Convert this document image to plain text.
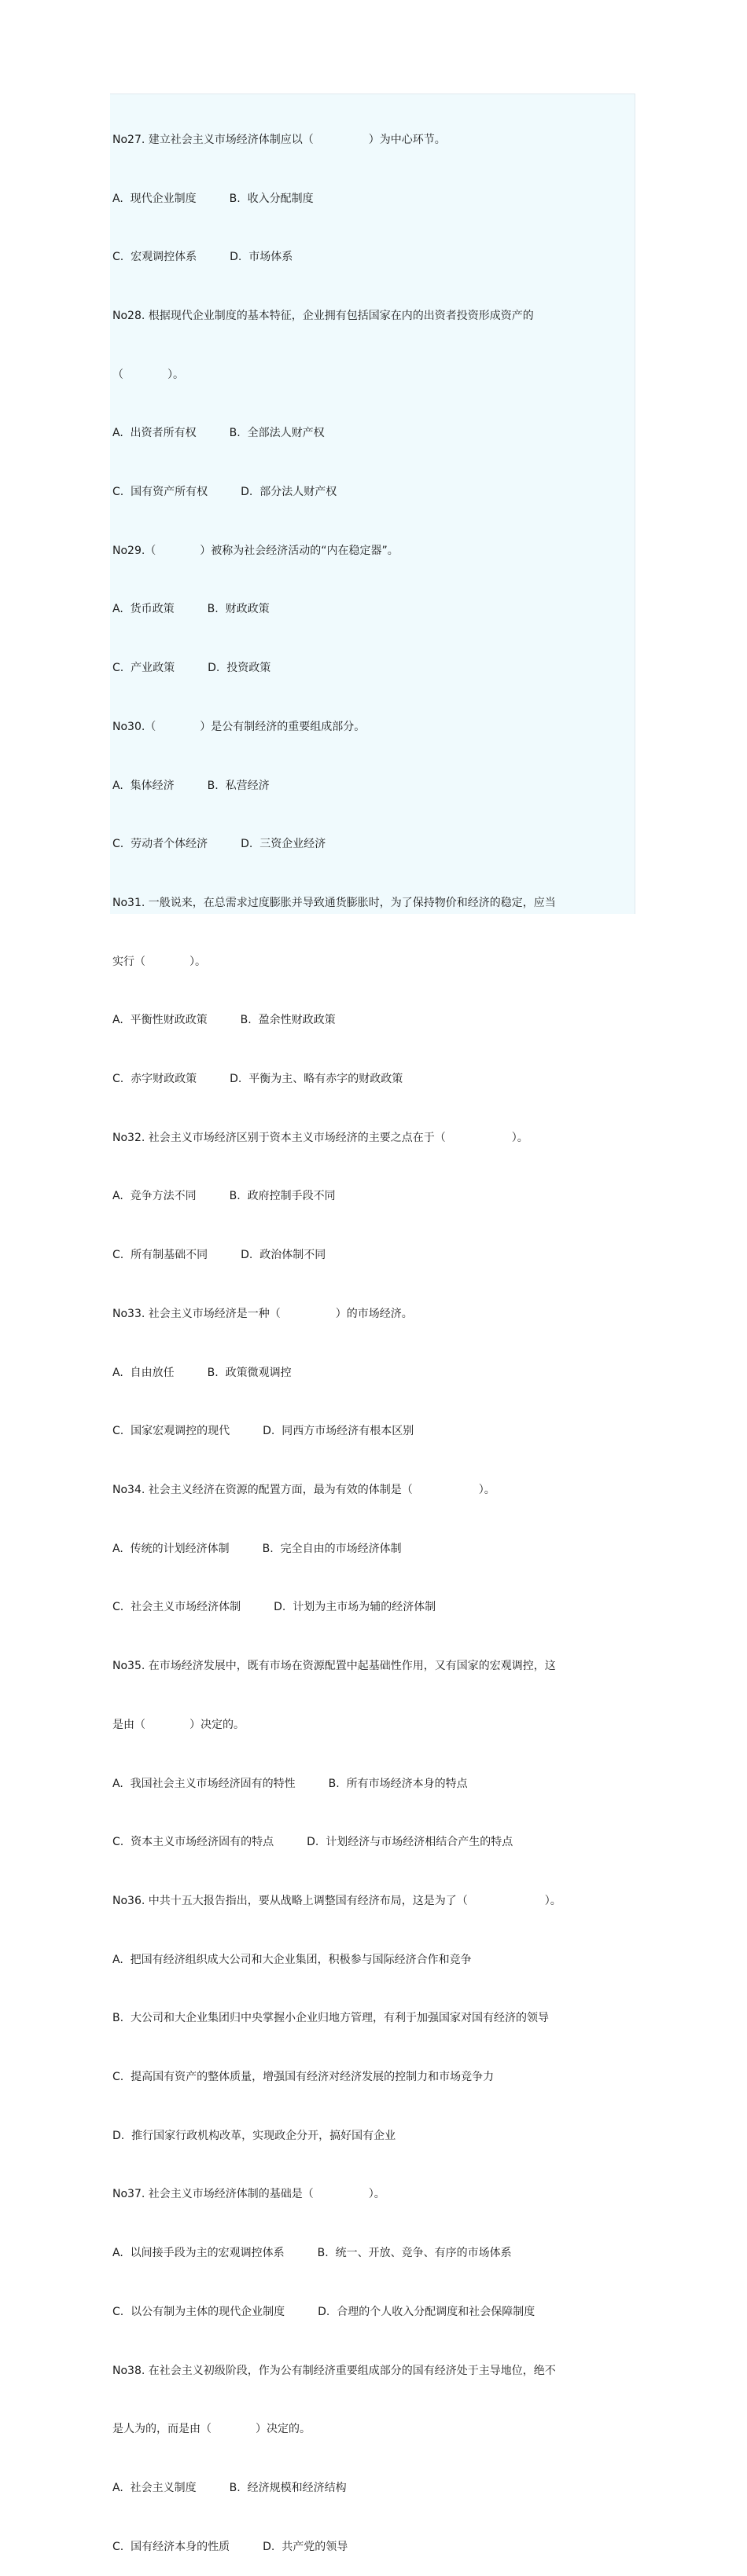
No27. 建立社会主义市场经济体制应以（　　　　　）为中心环节。

A.  现代企业制度　　　B.  收入分配制度

C.  宏观调控体系　　　D.  市场体系

No28. 根据现代企业制度的基本特征，企业拥有包括国家在内的出资者投资形成资产的

（　　　　）。

A.  出资者所有权　　　B.  全部法人财产权

C.  国有资产所有权　　　D.  部分法人财产权

No29.（　　　　）被称为社会经济活动的“内在稳定器”。

A.  货币政策　　　B.  财政政策

C.  产业政策　　　D.  投资政策

No30.（　　　　）是公有制经济的重要组成部分。

A.  集体经济　　　B.  私营经济

C.  劳动者个体经济　　　D.  三资企业经济

No31. 一般说来，在总需求过度膨胀并导致通货膨胀时，为了保持物价和经济的稳定，应当

实行（　　　　）。

A.  平衡性财政政策　　　B.  盈余性财政政策

C.  赤字财政政策　　　D.  平衡为主、略有赤字的财政政策

No32. 社会主义市场经济区别于资本主义市场经济的主要之点在于（　　　　　　）。

A.  竞争方法不同　　　B.  政府控制手段不同

C.  所有制基础不同　　　D.  政治体制不同

No33. 社会主义市场经济是一种（　　　　　）的市场经济。

A.  自由放任　　　B.  政策微观调控

C.  国家宏观调控的现代　　　D.  同西方市场经济有根本区别

No34. 社会主义经济在资源的配置方面，最为有效的体制是（　　　　　　）。

A.  传统的计划经济体制　　　B.  完全自由的市场经济体制

C.  社会主义市场经济体制　　　D.  计划为主市场为辅的经济体制

No35. 在市场经济发展中，既有市场在资源配置中起基础性作用，又有国家的宏观调控，这

是由（　　　　）决定的。

A.  我国社会主义市场经济固有的特性　　　B.  所有市场经济本身的特点

C.  资本主义市场经济固有的特点　　　D.  计划经济与市场经济相结合产生的特点

No36. 中共十五大报告指出，要从战略上调整国有经济布局，这是为了（　　　　　　　）。

A.  把国有经济组织成大公司和大企业集团，积极参与国际经济合作和竞争

B.  大公司和大企业集团归中央掌握小企业归地方管理，有利于加强国家对国有经济的领导

C.  提高国有资产的整体质量，增强国有经济对经济发展的控制力和市场竞争力

D.  推行国家行政机构改革，实现政企分开，搞好国有企业

No37. 社会主义市场经济体制的基础是（　　　　　）。

A.  以间接手段为主的宏观调控体系　　　B.  统一、开放、竞争、有序的市场体系

C.  以公有制为主体的现代企业制度　　　D.  合理的个人收入分配调度和社会保障制度

No38. 在社会主义初级阶段，作为公有制经济重要组成部分的国有经济处于主导地位，绝不

是人为的，而是由（　　　　）决定的。

A.  社会主义制度　　　B.  经济规模和经济结构

C.  国有经济本身的性质　　　D.  共产党的领导
